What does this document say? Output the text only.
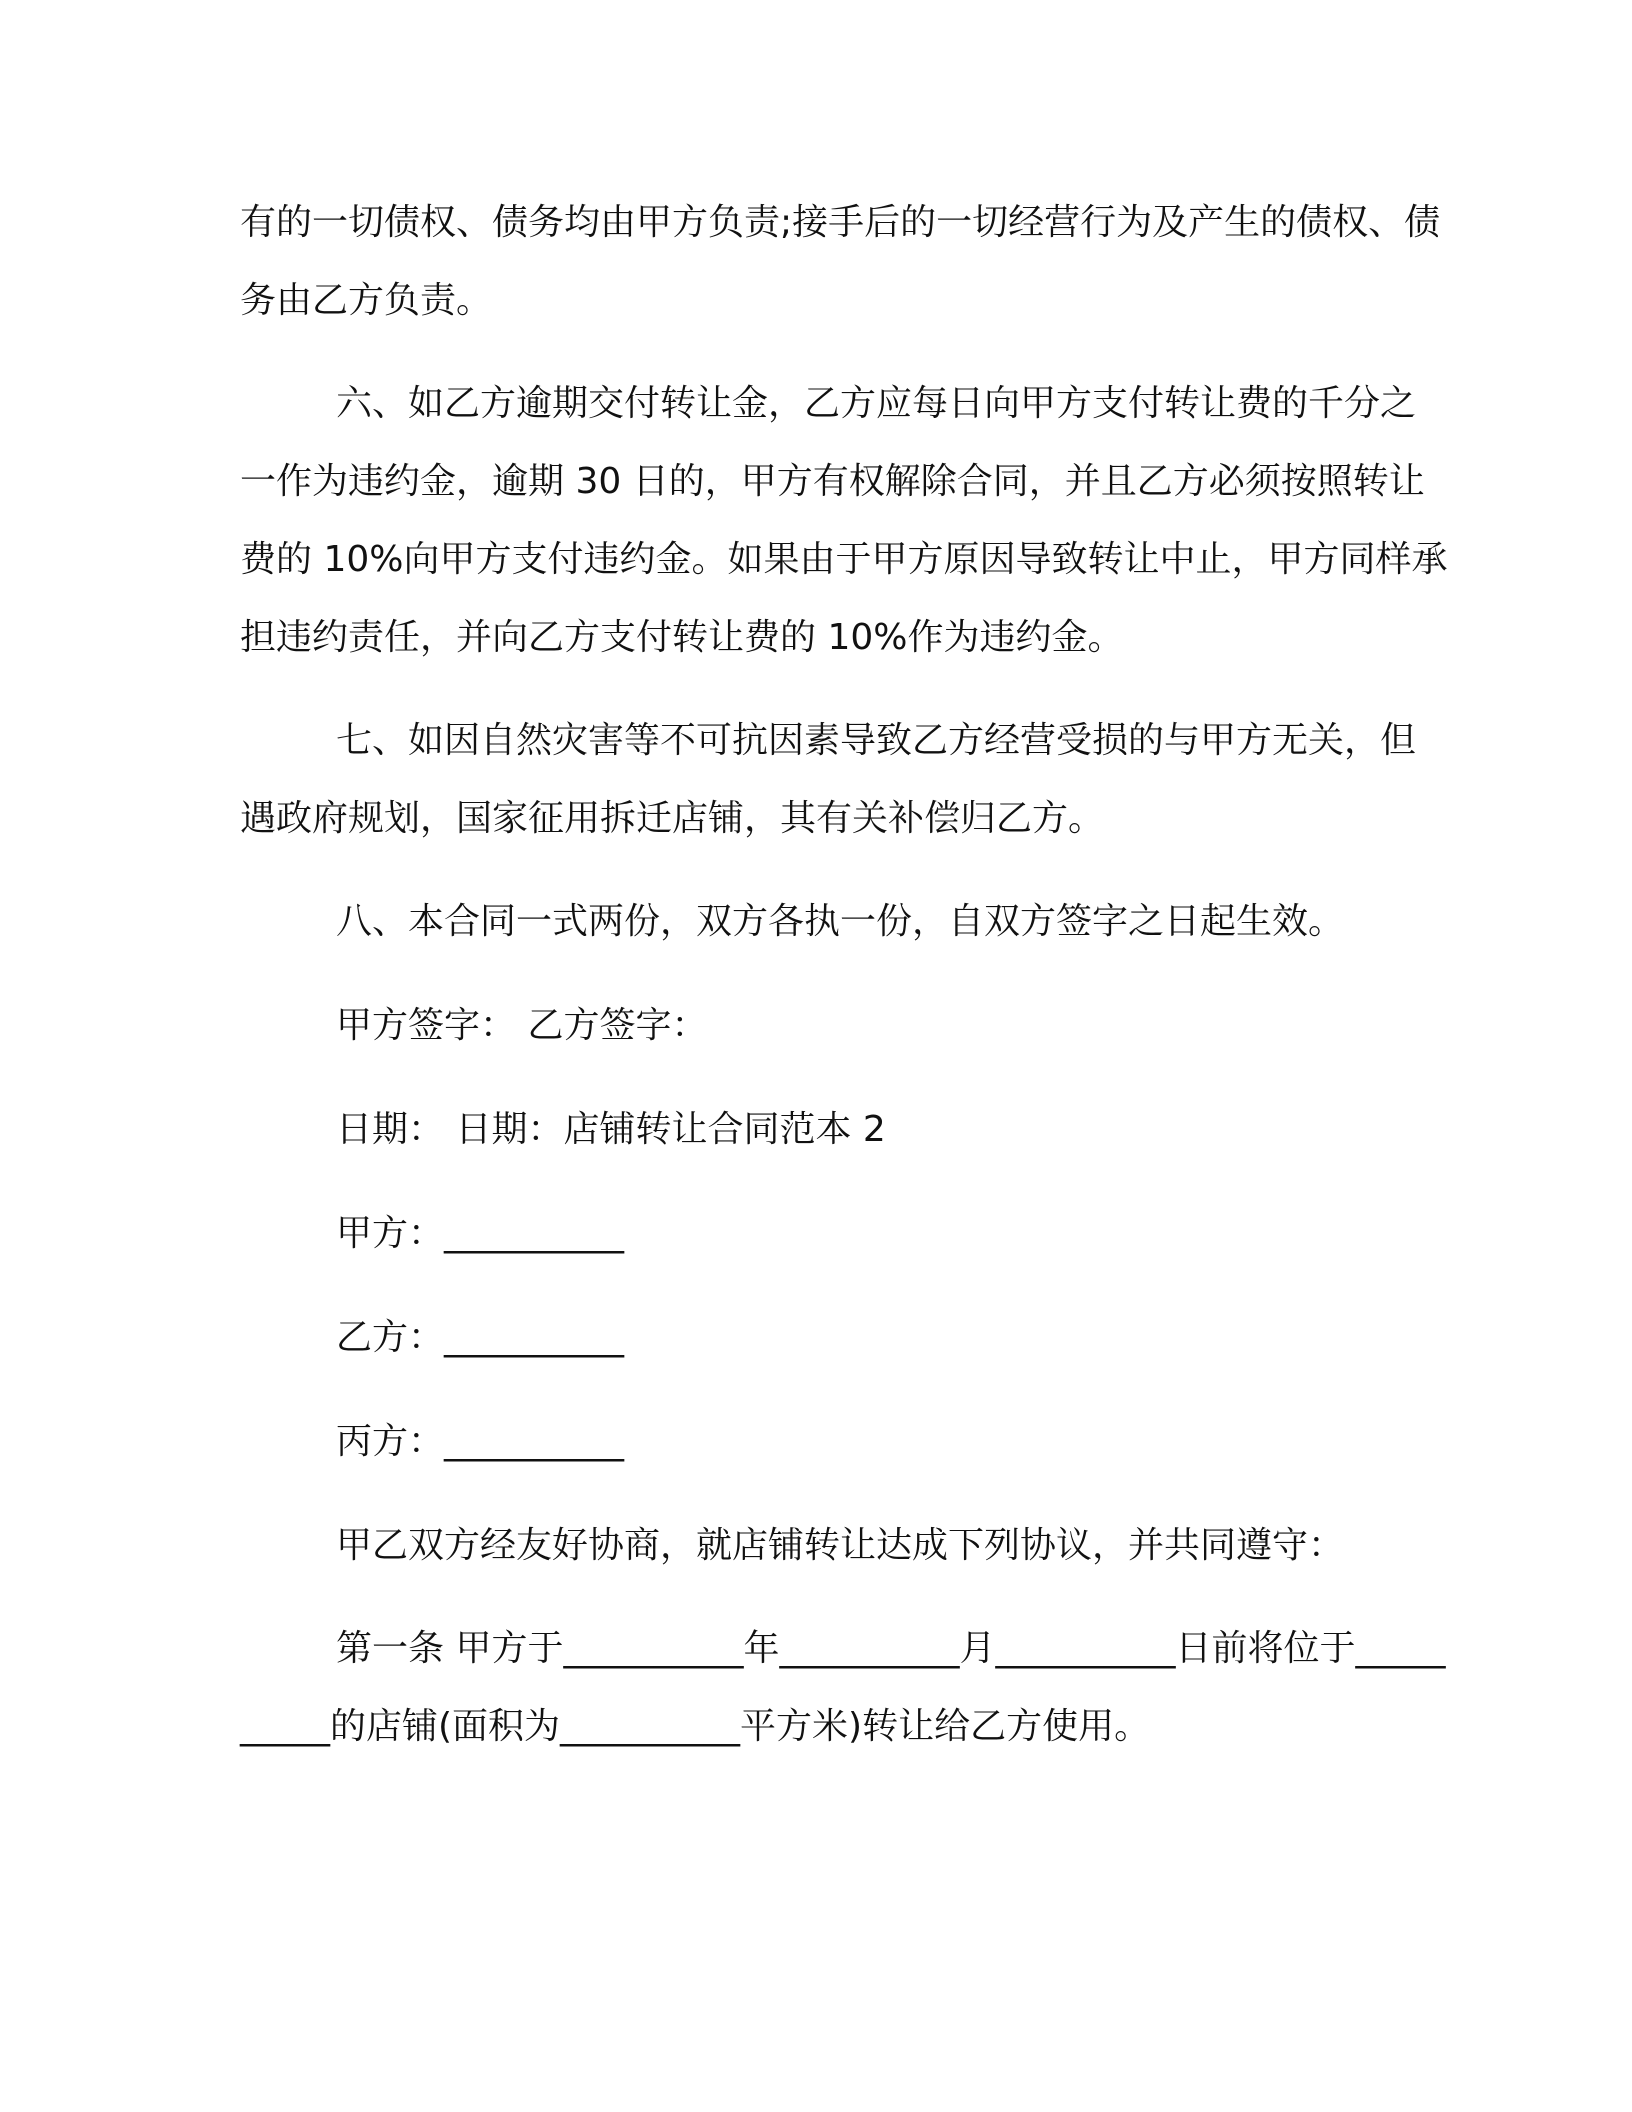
有的一切债权、债务均由甲方负责;接手后的一切经营行为及产生的债权、债务由乙方负责。

六、如乙方逾期交付转让金，乙方应每日向甲方支付转让费的千分之一作为违约金，逾期 30 日的，甲方有权解除合同，并且乙方必须按照转让费的 10%向甲方支付违约金。如果由于甲方原因导致转让中止，甲方同样承担违约责任，并向乙方支付转让费的 10%作为违约金。

七、如因自然灾害等不可抗因素导致乙方经营受损的与甲方无关，但遇政府规划，国家征用拆迁店铺，其有关补偿归乙方。

八、本合同一式两份，双方各执一份，自双方签字之日起生效。

甲方签字： 乙方签字：

日期： 日期：店铺转让合同范本 2

甲方：__________

乙方：__________

丙方：__________

甲乙双方经友好协商，就店铺转让达成下列协议，并共同遵守：

第一条 甲方于__________年__________月__________日前将位于__________的店铺(面积为__________平方米)转让给乙方使用。
